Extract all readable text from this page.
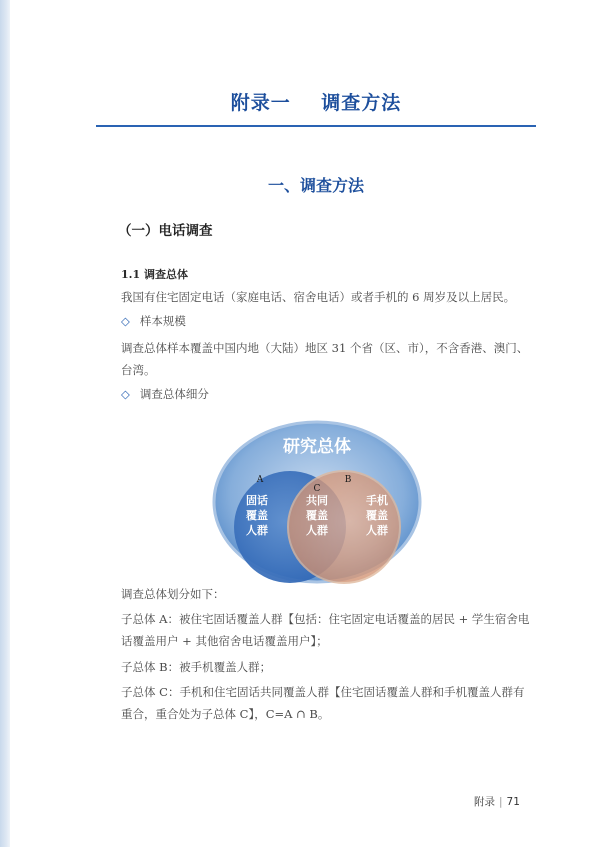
附录一    调查方法
一、调查方法
（一）电话调查
1.1 调查总体
我国有住宅固定电话（家庭电话、宿舍电话）或者手机的 6 周岁及以上居民。
◇ 样本规模
调查总体样本覆盖中国内地（大陆）地区 31 个省（区、市），不含香港、澳门、
台湾。
◇ 调查总体细分
研究总体
A
C
B
固话
覆盖
人群
共同
覆盖
人群
手机
覆盖
人群
调查总体划分如下：
子总体 A：被住宅固话覆盖人群【包括：住宅固定电话覆盖的居民 + 学生宿舍电
话覆盖用户 + 其他宿舍电话覆盖用户】；
子总体 B：被手机覆盖人群；
子总体 C：手机和住宅固话共同覆盖人群【住宅固话覆盖人群和手机覆盖人群有
重合，重合处为子总体 C】，C=A ∩ B。
附录 | 71
